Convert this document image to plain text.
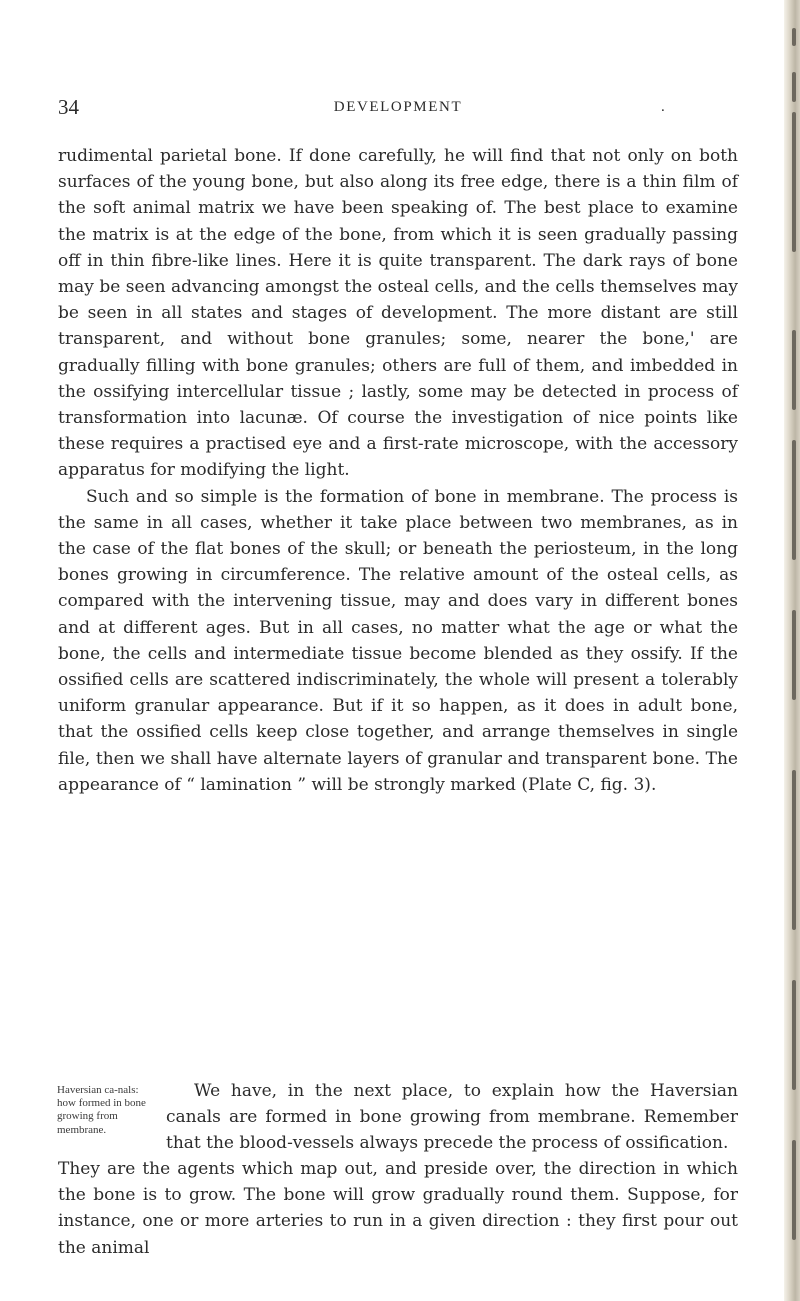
34	DEVELOPMENT	.

rudimental parietal bone. If done carefully, he will find that not only on both surfaces of the young bone, but also along its free edge, there is a thin film of the soft animal matrix we have been speaking of. The best place to examine the matrix is at the edge of the bone, from which it is seen gradually passing off in thin fibre-like lines. Here it is quite transparent. The dark rays of bone may be seen advancing amongst the osteal cells, and the cells themselves may be seen in all states and stages of development. The more distant are still transparent, and without bone granules; some, nearer the bone,' are gradually filling with bone granules; others are full of them, and imbedded in the ossifying intercellular tissue ; lastly, some may be detected in process of transformation into lacunæ. Of course the investigation of nice points like these requires a practised eye and a first-rate microscope, with the accessory apparatus for modifying the light.

Such and so simple is the formation of bone in membrane. The process is the same in all cases, whether it take place between two membranes, as in the case of the flat bones of the skull; or beneath the periosteum, in the long bones growing in circumference. The relative amount of the osteal cells, as compared with the intervening tissue, may and does vary in different bones and at different ages. But in all cases, no matter what the age or what the bone, the cells and intermediate tissue become blended as they ossify. If the ossified cells are scattered indiscriminately, the whole will present a tolerably uniform granular appearance. But if it so happen, as it does in adult bone, that the ossified cells keep close together, and arrange themselves in single file, then we shall have alternate layers of granular and transparent bone. The appearance of “ lamination ” will be strongly marked (Plate C, fig. 3).

Haversian ca-nals: how formed in bone growing from membrane.

We have, in the next place, to explain how the Haversian canals are formed in bone growing from membrane. Remember that the blood-vessels always precede the process of ossification.

They are the agents which map out, and preside over, the direction in which the bone is to grow. The bone will grow gradually round them. Suppose, for instance, one or more arteries to run in a given direction : they first pour out the animal
